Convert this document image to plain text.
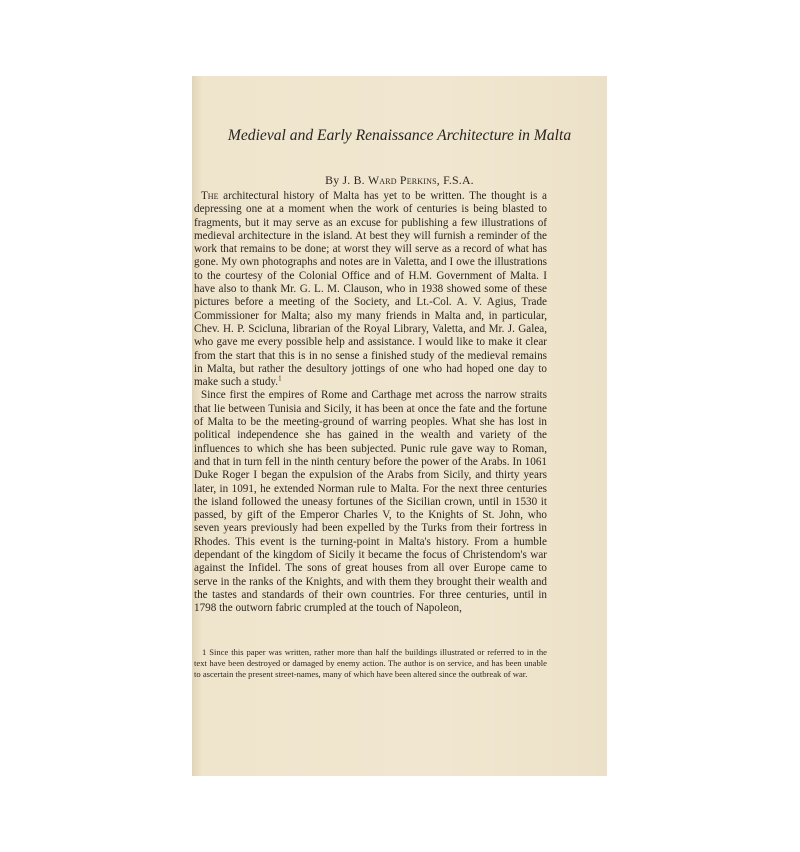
Medieval and Early Renaissance Architecture in Malta
By J. B. Ward Perkins, F.S.A.

The architectural history of Malta has yet to be written. The thought is a depressing one at a moment when the work of centuries is being blasted to fragments, but it may serve as an excuse for publishing a few illustrations of medieval architecture in the island. At best they will furnish a reminder of the work that remains to be done; at worst they will serve as a record of what has gone. My own photographs and notes are in Valetta, and I owe the illustrations to the courtesy of the Colonial Office and of H.M. Government of Malta. I have also to thank Mr. G. L. M. Clauson, who in 1938 showed some of these pictures before a meeting of the Society, and Lt.-Col. A. V. Agius, Trade Commissioner for Malta; also my many friends in Malta and, in particular, Chev. H. P. Scicluna, librarian of the Royal Library, Valetta, and Mr. J. Galea, who gave me every possible help and assistance. I would like to make it clear from the start that this is in no sense a finished study of the medieval remains in Malta, but rather the desultory jottings of one who had hoped one day to make such a study.$^1$

Since first the empires of Rome and Carthage met across the narrow straits that lie between Tunisia and Sicily, it has been at once the fate and the fortune of Malta to be the meeting-ground of warring peoples. What she has lost in political independence she has gained in the wealth and variety of the influences to which she has been subjected. Punic rule gave way to Roman, and that in turn fell in the ninth century before the power of the Arabs. In 1061 Duke Roger I began the expulsion of the Arabs from Sicily, and thirty years later, in 1091, he extended Norman rule to Malta. For the next three centuries the island followed the uneasy fortunes of the Sicilian crown, until in 1530 it passed, by gift of the Emperor Charles V, to the Knights of St. John, who seven years previously had been expelled by the Turks from their fortress in Rhodes. This event is the turning-point in Malta's history. From a humble dependant of the kingdom of Sicily it became the focus of Christendom's war against the Infidel. The sons of great houses from all over Europe came to serve in the ranks of the Knights, and with them they brought their wealth and the tastes and standards of their own countries. For three centuries, until in 1798 the outworn fabric crumpled at the touch of Napoleon,

1 Since this paper was written, rather more than half the buildings illustrated or referred to in the text have been destroyed or damaged by enemy action. The author is on service, and has been unable to ascertain the present street-names, many of which have been altered since the outbreak of war.
